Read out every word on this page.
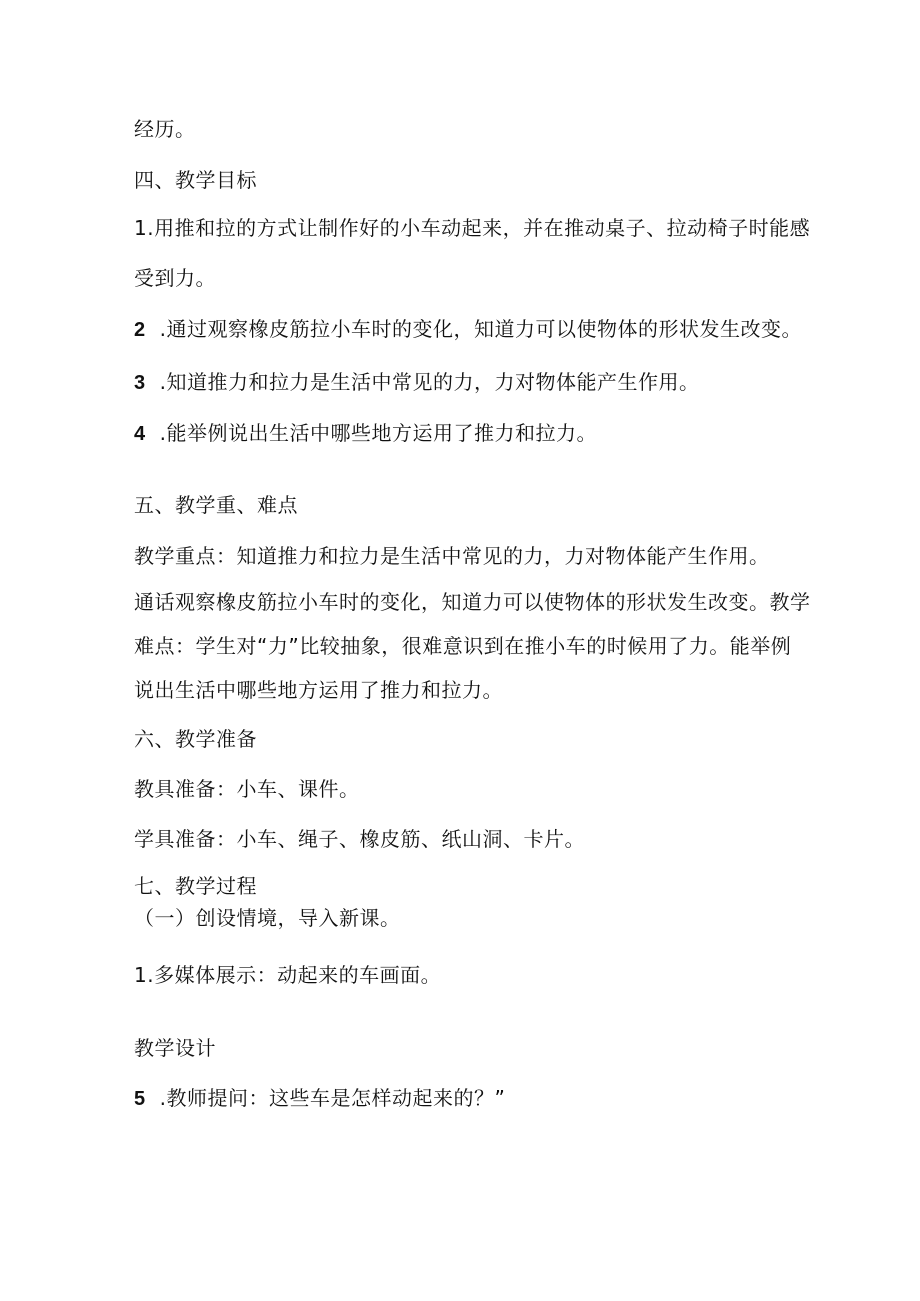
经历。
四、教学目标
1.用推和拉的方式让制作好的小车动起来，并在推动桌子、拉动椅子时能感
受到力。
2 .通过观察橡皮筋拉小车时的变化，知道力可以使物体的形状发生改变。
3 .知道推力和拉力是生活中常见的力，力对物体能产生作用。
4 .能举例说出生活中哪些地方运用了推力和拉力。
五、教学重、难点
教学重点：知道推力和拉力是生活中常见的力，力对物体能产生作用。
通话观察橡皮筋拉小车时的变化，知道力可以使物体的形状发生改变。教学
难点：学生对“力”比较抽象，很难意识到在推小车的时候用了力。能举例
说出生活中哪些地方运用了推力和拉力。
六、教学准备
教具准备：小车、课件。
学具准备：小车、绳子、橡皮筋、纸山洞、卡片。
七、教学过程
（一）创设情境，导入新课。
1.多媒体展示：动起来的车画面。
教学设计
5 .教师提问：这些车是怎样动起来的？”
